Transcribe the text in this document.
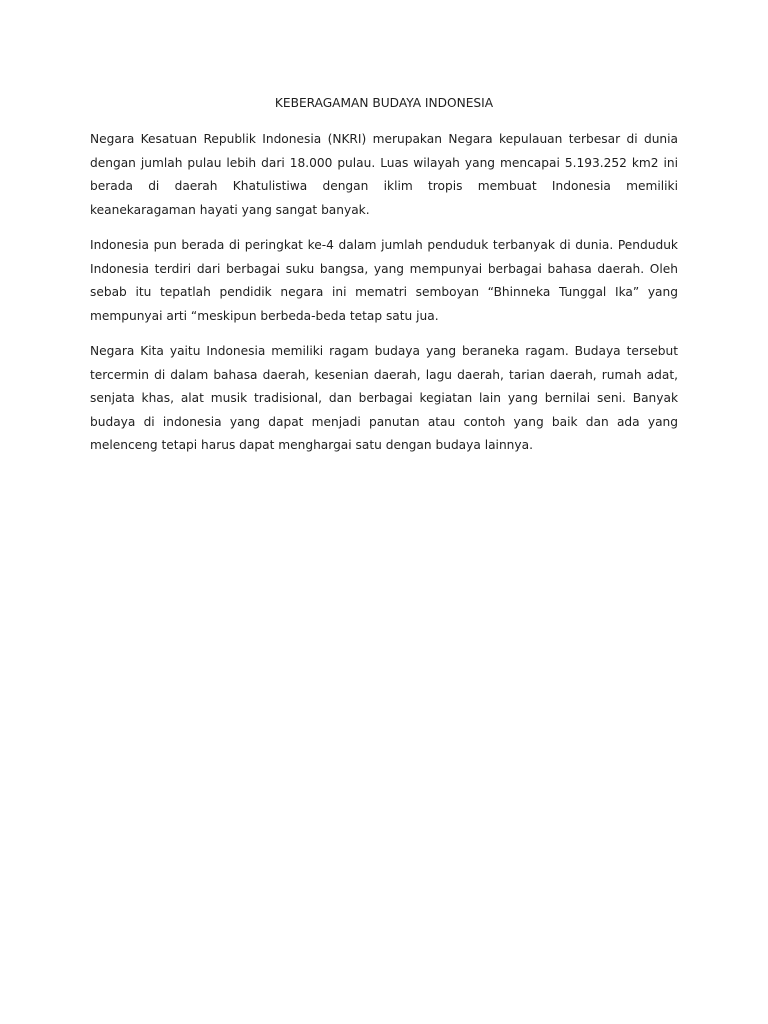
KEBERAGAMAN BUDAYA INDONESIA

Negara Kesatuan Republik Indonesia (NKRI) merupakan Negara kepulauan terbesar di dunia dengan jumlah pulau lebih dari 18.000 pulau. Luas wilayah yang mencapai 5.193.252 km2 ini berada di daerah Khatulistiwa dengan iklim tropis membuat Indonesia memiliki keanekaragaman hayati yang sangat banyak.

Indonesia pun berada di peringkat ke-4 dalam jumlah penduduk terbanyak di dunia. Penduduk Indonesia terdiri dari berbagai suku bangsa, yang mempunyai berbagai bahasa daerah. Oleh sebab itu tepatlah pendidik negara ini mematri semboyan “Bhinneka Tunggal Ika” yang mempunyai arti “meskipun berbeda-beda tetap satu jua.

Negara Kita yaitu Indonesia memiliki ragam budaya yang beraneka ragam. Budaya tersebut tercermin di dalam bahasa daerah, kesenian daerah, lagu daerah, tarian daerah, rumah adat, senjata khas, alat musik tradisional, dan berbagai kegiatan lain yang bernilai seni. Banyak budaya di indonesia yang dapat menjadi panutan atau contoh yang baik dan ada yang melenceng tetapi harus dapat menghargai satu dengan budaya lainnya.
